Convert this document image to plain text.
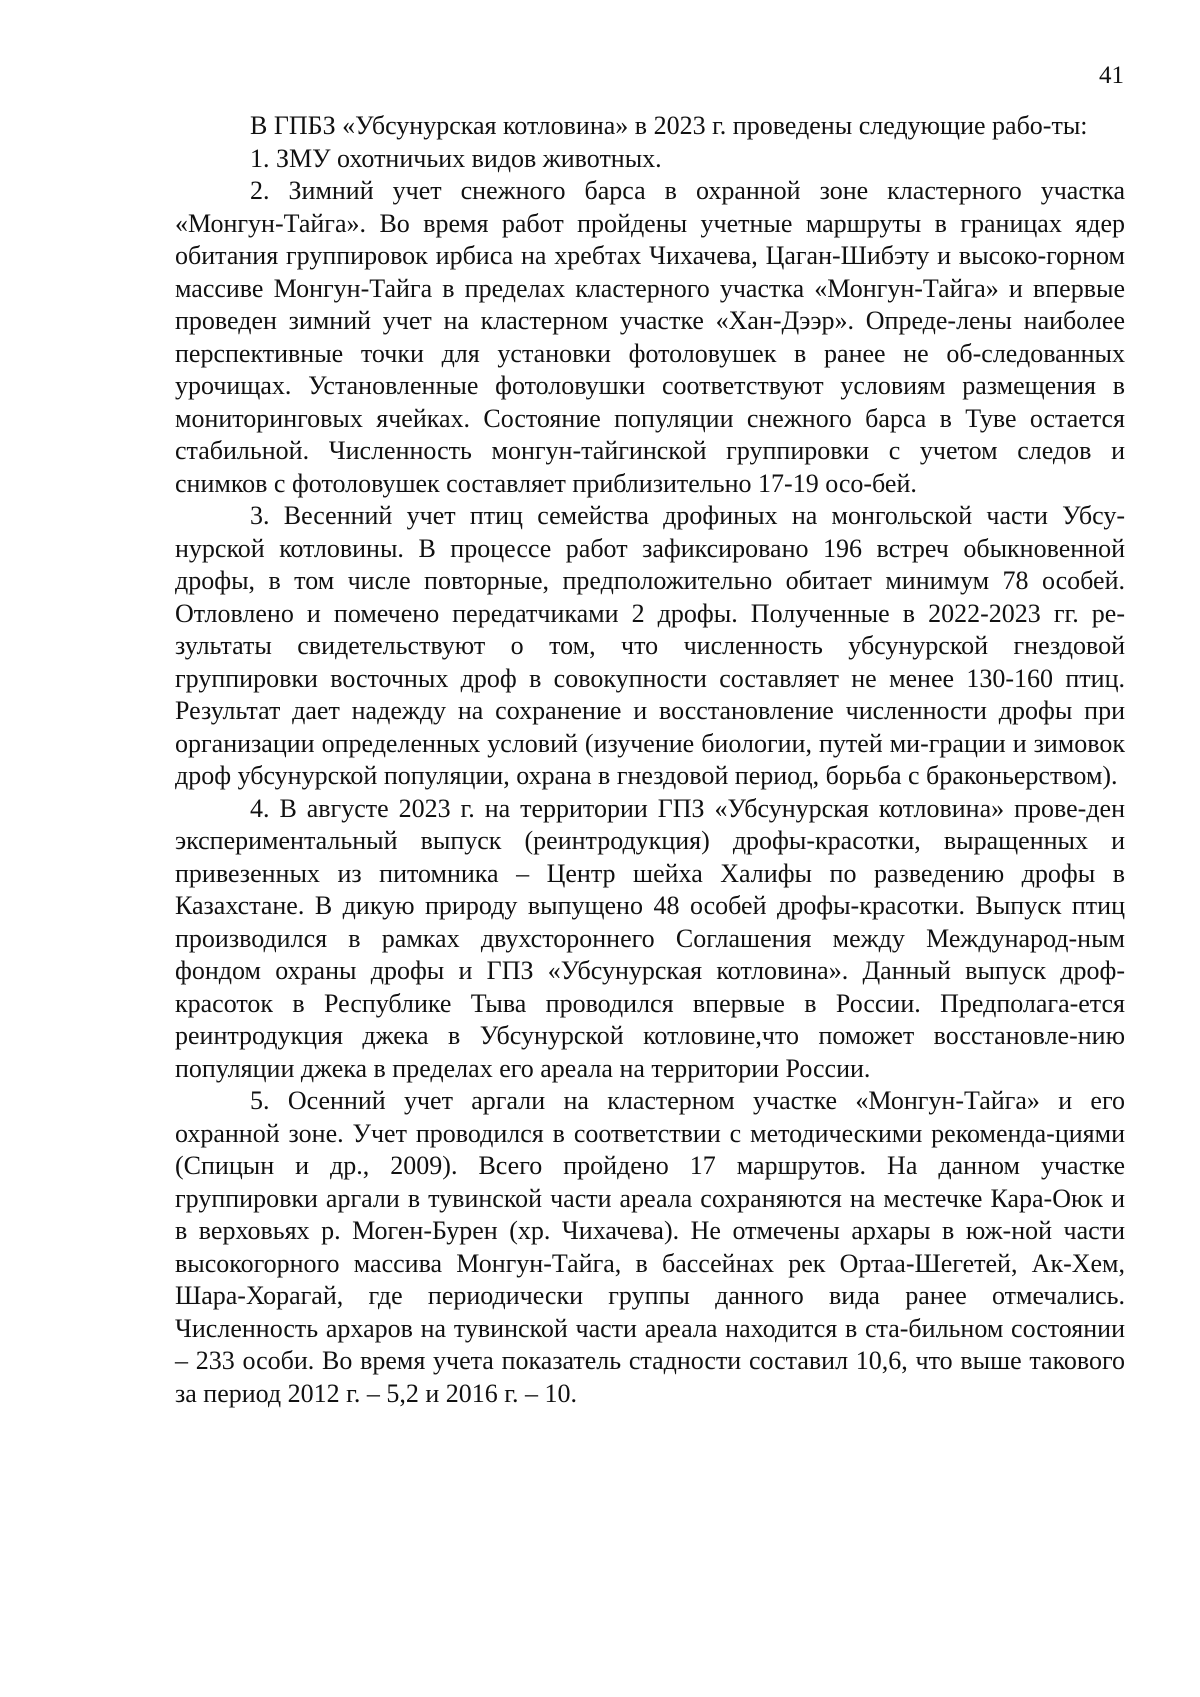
41

В ГПБЗ «Убсунурская котловина» в 2023 г. проведены следующие рабо-ты:

1. ЗМУ охотничьих видов животных.

2. Зимний учет снежного барса в охранной зоне кластерного участка «Монгун-Тайга». Во время работ пройдены учетные маршруты в границах ядер обитания группировок ирбиса на хребтах Чихачева, Цаган-Шибэту и высоко-горном массиве Монгун-Тайга в пределах кластерного участка «Монгун-Тайга» и впервые проведен зимний учет на кластерном участке «Хан-Дээр». Опреде-лены наиболее перспективные точки для установки фотоловушек в ранее не об-следованных урочищах. Установленные фотоловушки соответствуют условиям размещения в мониторинговых ячейках. Состояние популяции снежного барса в Туве остается стабильной. Численность монгун-тайгинской группировки с учетом следов и снимков с фотоловушек составляет приблизительно 17-19 осо-бей.

3. Весенний учет птиц семейства дрофиных на монгольской части Убсу-нурской котловины. В процессе работ зафиксировано 196 встреч обыкновенной дрофы, в том числе повторные, предположительно обитает минимум 78 особей. Отловлено и помечено передатчиками 2 дрофы. Полученные в 2022-2023 гг. ре-зультаты свидетельствуют о том, что численность убсунурской гнездовой группировки восточных дроф в совокупности составляет не менее 130-160 птиц. Результат дает надежду на сохранение и восстановление численности дрофы при организации определенных условий (изучение биологии, путей ми-грации и зимовок дроф убсунурской популяции, охрана в гнездовой период, борьба с браконьерством).

4. В августе 2023 г. на территории ГПЗ «Убсунурская котловина» прове-ден экспериментальный выпуск (реинтродукция) дрофы-красотки, выращенных и привезенных из питомника – Центр шейха Халифы по разведению дрофы в Казахстане. В дикую природу выпущено 48 особей дрофы-красотки. Выпуск птиц производился в рамках двухстороннего Соглашения между Международ-ным фондом охраны дрофы и ГПЗ «Убсунурская котловина». Данный выпуск дроф-красоток в Республике Тыва проводился впервые в России. Предполага-ется реинтродукция джека в Убсунурской котловине,что поможет восстановле-нию популяции джека в пределах его ареала на территории России.

5. Осенний учет аргали на кластерном участке «Монгун-Тайга» и его охранной зоне. Учет проводился в соответствии с методическими рекоменда-циями (Спицын и др., 2009). Всего пройдено 17 маршрутов. На данном участке группировки аргали в тувинской части ареала сохраняются на местечке Кара-Оюк и в верховьях р. Моген-Бурен (хр. Чихачева). Не отмечены архары в юж-ной части высокогорного массива Монгун-Тайга, в бассейнах рек Ортаа-Шегетей, Ак-Хем, Шара-Хорагай, где периодически группы данного вида ранее отмечались. Численность архаров на тувинской части ареала находится в ста-бильном состоянии – 233 особи. Во время учета показатель стадности составил 10,6, что выше такового за период 2012 г. – 5,2 и 2016 г. – 10.
